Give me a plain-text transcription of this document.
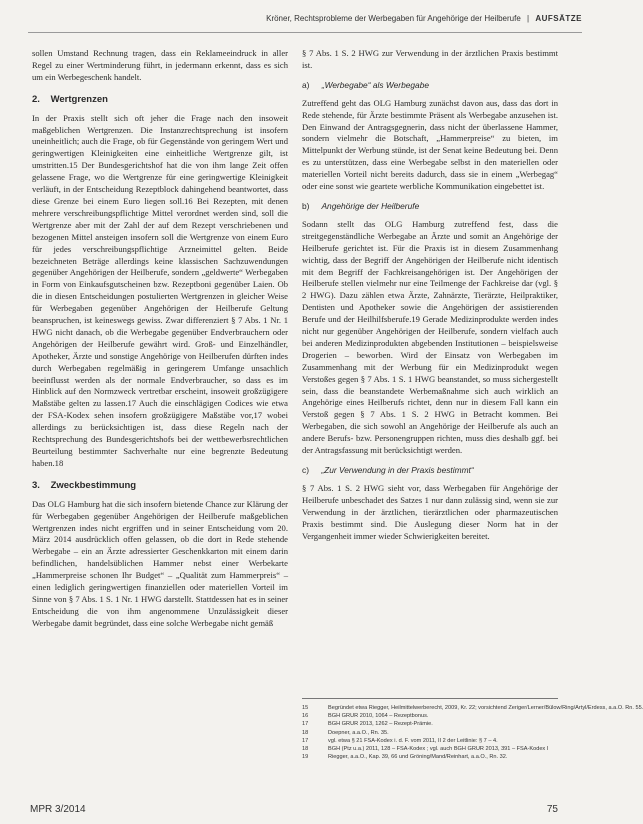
Kröner, Rechtsprobleme der Werbegaben für Angehörige der Heilberufe | AUFSÄTZE

sollen Umstand Rechnung tragen, dass ein Reklameeindruck in aller Regel zu einer Wertminderung führt, in jedermann erkennt, dass es sich um ein Werbegeschenk handelt.

2. Wertgrenzen

In der Praxis stellt sich oft jeher die Frage nach den insoweit maßgeblichen Wertgrenzen. Die Instanzrechtsprechung ist insofern uneinheitlich; auch die Frage, ob für Gegenstände von geringem Wert und geringwertigen Kleinigkeiten eine einheitliche Wertgrenze gilt, ist umstritten.15 Der Bundesgerichtshof hat die von ihm lange Zeit offen gelassene Frage, wo die Wertgrenze für eine geringwertige Kleinigkeit verläuft, in der Entscheidung Rezeptblock dahingehend beantwortet, dass diese Grenze bei einem Euro liegen soll.16 Bei Rezepten, mit denen mehrere verschreibungspflichtige Mittel verordnet werden sind, soll die Wertgrenze aber mit der Zahl der auf dem Rezept verschriebenen und bezogenen Mittel ansteigen insofern soll die Wertgrenze von einem Euro für jedes verschreibungspflichtige Arzneimittel gelten. Beide bezeichneten Beträge allerdings keine klassischen Sachzuwendungen gegenüber Angehörigen der Heilberufe, sondern „geldwerte“ Werbegaben in Form von Einkaufsgutscheinen bzw. Rezeptboni gegenüber Laien. Ob die in diesen Entscheidungen postulierten Wertgrenzen in gleicher Weise für Werbegaben gegenüber Angehörigen der Heilberufe Geltung beanspruchen, ist keineswegs gewiss. Zwar differenziert § 7 Abs. 1 Nr. 1 HWG nicht danach, ob die Werbegabe gegenüber Endverbrauchern oder Angehörigen der Heilberufe gewährt wird. Groß- und Einzelhändler, Apotheker, Ärzte und sonstige Angehörige von Heilberufen dürften indes durch Werbegaben regelmäßig in geringerem Umfange unsachlich beeinflusst werden als der normale Endverbraucher, so dass es im Hinblick auf den Normzweck vertretbar erscheint, insoweit großzügigere Maßstäbe gelten zu lassen.17 Auch die einschlägigen Codices wie etwa der FSA-Kodex sehen insofern großzügigere Maßstäbe vor,17 wobei allerdings zu berücksichtigen ist, dass diese Regeln nach der Rechtsprechung des Bundesgerichtshofs bei der wettbewerbsrechtlichen Beurteilung bestimmter Sachverhalte nur eine begrenzte Bedeutung haben.18

3. Zweckbestimmung

Das OLG Hamburg hat die sich insofern bietende Chance zur Klärung der für Werbegaben gegenüber Angehörigen der Heilberufe maßgeblichen Wertgrenzen indes nicht ergriffen und in seiner Entscheidung vom 20. März 2014 ausdrücklich offen gelassen, ob die dort in Rede stehende Werbegabe – ein an Ärzte adressierter Geschenkkarton mit einem darin befindlichen, handelsüblichen Hammer nebst einer Werbekarte „Hammerpreise schonen Ihr Budget“ – „Qualität zum Hammerpreis“ – einen lediglich geringwertigen finanziellen oder materiellen Vorteil im Sinne von § 7 Abs. 1 S. 1 Nr. 1 HWG darstellt. Stattdessen hat es in seiner Entscheidung die von ihm angenommene Unzulässigkeit dieser Werbegabe damit begründet, dass eine solche Werbegabe nicht gemäß

§ 7 Abs. 1 S. 2 HWG zur Verwendung in der ärztlichen Praxis bestimmt ist.

a) „Werbegabe“ als Werbegabe

Zutreffend geht das OLG Hamburg zunächst davon aus, dass das dort in Rede stehende, für Ärzte bestimmte Präsent als Werbegabe anzusehen ist. Den Einwand der Antragsgegnerin, dass nicht der überlassene Hammer, sondern vielmehr die Botschaft, „Hammerpreise“ zu bieten, im Mittelpunkt der Werbung stünde, ist der Senat keine Bedeutung bei. Denn es zu unterstützen, dass eine Werbegabe selbst in den materiellen oder materiellen Vorteil nicht bereits dadurch, dass sie in einem „Werbegag“ oder eine sonst wie geartete werbliche Kommunikation eingebettet ist.

b) Angehörige der Heilberufe

Sodann stellt das OLG Hamburg zutreffend fest, dass die streitgegenständliche Werbegabe an Ärzte und somit an Angehörige der Heilberufe gerichtet ist. Für die Praxis ist in diesem Zusammenhang wichtig, dass der Begriff der Angehörigen der Heilberufe nicht identisch mit dem Begriff der Fachkreisangehörigen ist. Der Angehörigen der Heilberufe stellen vielmehr nur eine Teilmenge der Fachkreise dar (vgl. § 2 HWG). Dazu zählen etwa Ärzte, Zahnärzte, Tierärzte, Heilpraktiker, Dentisten und Apotheker sowie die Angehörigen der assistierenden Berufe und der Heilhilfsberufe.19 Gerade Medizinprodukte werden indes nicht nur gegenüber Angehörigen der Heilberufe, sondern vielfach auch bei anderen Medizinprodukten abgebenden Institutionen – beispielsweise Drogerien – beworben. Wird der Einsatz von Werbegaben im Zusammenhang mit der Werbung für ein Medizinprodukt wegen Verstoßes gegen § 7 Abs. 1 S. 1 HWG beanstandet, so muss sichergestellt sein, dass die beanstandete Werbemaßnahme sich auch wirklich an Angehörige eines Heilberufs richtet, denn nur in diesem Fall kann ein Verstoß gegen § 7 Abs. 1 S. 2 HWG in Betracht kommen. Bei Werbegaben, die sich sowohl an Angehörige der Heilberufe als auch an andere Berufs- bzw. Personengruppen richten, muss dies deshalb ggf. bei der Antragsfassung mit berücksichtigt werden.

c) „Zur Verwendung in der Praxis bestimmt“

§ 7 Abs. 1 S. 2 HWG sieht vor, dass Werbegaben für Angehörige der Heilberufe unbeschadet des Satzes 1 nur dann zulässig sind, wenn sie zur Verwendung in der ärztlichen, tierärztlichen oder pharmazeutischen Praxis bestimmt sind. Die Auslegung dieser Norm hat in der Vergangenheit immer wieder Schwierigkeiten bereitet.

15	Begründet etwa Riegger, Heilmittelwerberecht, 2009, Kr. 22; vorsichtend Zeriger/Lerner/Bülow/Ring/Artyl/Erdess, a.a.O. Rn. 55.
16	BGH GRUR 2010, 1064 – Rezeptbonus.
17	BGH GRUR 2013, 1262 – Rezept-Prämie.
18	Doepner, a.a.O., Rn. 35.
17	vgl. etwa § 21 FSA-Kodex i. d. F. vom 2011, II 2 der Leitlinie: § 7 – 4.
18	BGH (Ptz u.a.) 2011, 128 – FSA-Kodex ; vgl. auch BGH GRUR 2013, 391 – FSA-Kodex I
19	Riegger, a.a.O., Kap. 39, 66 und Gröning/Mand/Reinhart, a.a.O., Rn. 32.
MPR 3/2014	75
